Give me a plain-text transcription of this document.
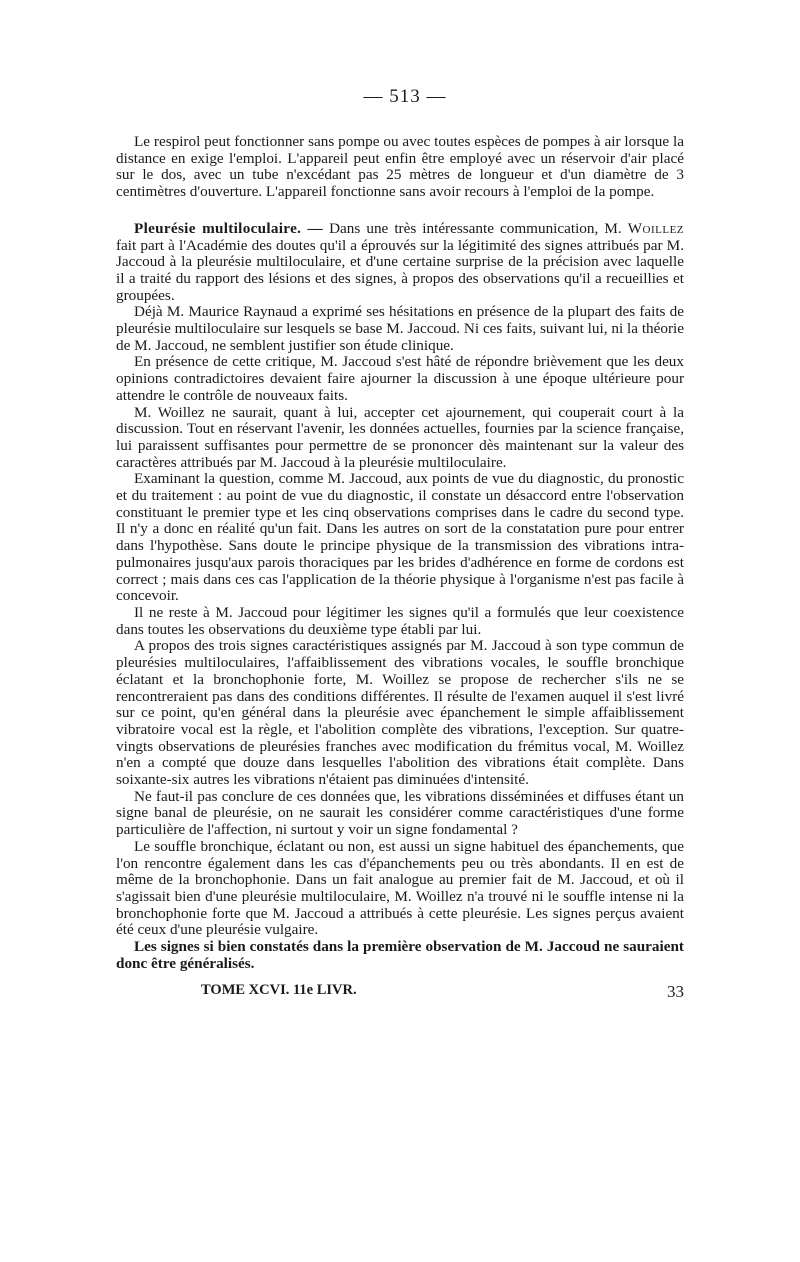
— 513 —

Le respirol peut fonctionner sans pompe ou avec toutes espèces de pompes à air lorsque la distance en exige l'emploi. L'appareil peut enfin être employé avec un réservoir d'air placé sur le dos, avec un tube n'excédant pas 25 mètres de longueur et d'un diamètre de 3 centimètres d'ouverture. L'appareil fonctionne sans avoir recours à l'emploi de la pompe.

Pleurésie multiloculaire. — Dans une très intéressante communication, M. Woillez fait part à l'Académie des doutes qu'il a éprouvés sur la légitimité des signes attribués par M. Jaccoud à la pleurésie multiloculaire, et d'une certaine surprise de la précision avec laquelle il a traité du rapport des lésions et des signes, à propos des observations qu'il a recueillies et groupées.

Déjà M. Maurice Raynaud a exprimé ses hésitations en présence de la plupart des faits de pleurésie multiloculaire sur lesquels se base M. Jaccoud. Ni ces faits, suivant lui, ni la théorie de M. Jaccoud, ne semblent justifier son étude clinique.

En présence de cette critique, M. Jaccoud s'est hâté de répondre brièvement que les deux opinions contradictoires devaient faire ajourner la discussion à une époque ultérieure pour attendre le contrôle de nouveaux faits.

M. Woillez ne saurait, quant à lui, accepter cet ajournement, qui couperait court à la discussion. Tout en réservant l'avenir, les données actuelles, fournies par la science française, lui paraissent suffisantes pour permettre de se prononcer dès maintenant sur la valeur des caractères attribués par M. Jaccoud à la pleurésie multiloculaire.

Examinant la question, comme M. Jaccoud, aux points de vue du diagnostic, du pronostic et du traitement : au point de vue du diagnostic, il constate un désaccord entre l'observation constituant le premier type et les cinq observations comprises dans le cadre du second type. Il n'y a donc en réalité qu'un fait. Dans les autres on sort de la constatation pure pour entrer dans l'hypothèse. Sans doute le principe physique de la transmission des vibrations intra-pulmonaires jusqu'aux parois thoraciques par les brides d'adhérence en forme de cordons est correct ; mais dans ces cas l'application de la théorie physique à l'organisme n'est pas facile à concevoir.

Il ne reste à M. Jaccoud pour légitimer les signes qu'il a formulés que leur coexistence dans toutes les observations du deuxième type établi par lui.

A propos des trois signes caractéristiques assignés par M. Jaccoud à son type commun de pleurésies multiloculaires, l'affaiblissement des vibrations vocales, le souffle bronchique éclatant et la bronchophonie forte, M. Woillez se propose de rechercher s'ils ne se rencontreraient pas dans des conditions différentes. Il résulte de l'examen auquel il s'est livré sur ce point, qu'en général dans la pleurésie avec épanchement le simple affaiblissement vibratoire vocal est la règle, et l'abolition complète des vibrations, l'exception. Sur quatre-vingts observations de pleurésies franches avec modification du frémitus vocal, M. Woillez n'en a compté que douze dans lesquelles l'abolition des vibrations était complète. Dans soixante-six autres les vibrations n'étaient pas diminuées d'intensité.

Ne faut-il pas conclure de ces données que, les vibrations disséminées et diffuses étant un signe banal de pleurésie, on ne saurait les considérer comme caractéristiques d'une forme particulière de l'affection, ni surtout y voir un signe fondamental ?

Le souffle bronchique, éclatant ou non, est aussi un signe habituel des épanchements, que l'on rencontre également dans les cas d'épanchements peu ou très abondants. Il en est de même de la bronchophonie. Dans un fait analogue au premier fait de M. Jaccoud, et où il s'agissait bien d'une pleurésie multiloculaire, M. Woillez n'a trouvé ni le souffle intense ni la bronchophonie forte que M. Jaccoud a attribués à cette pleurésie. Les signes perçus avaient été ceux d'une pleurésie vulgaire.

Les signes si bien constatés dans la première observation de M. Jaccoud ne sauraient donc être généralisés.

TOME XCVI. 11e LIVR.	33
